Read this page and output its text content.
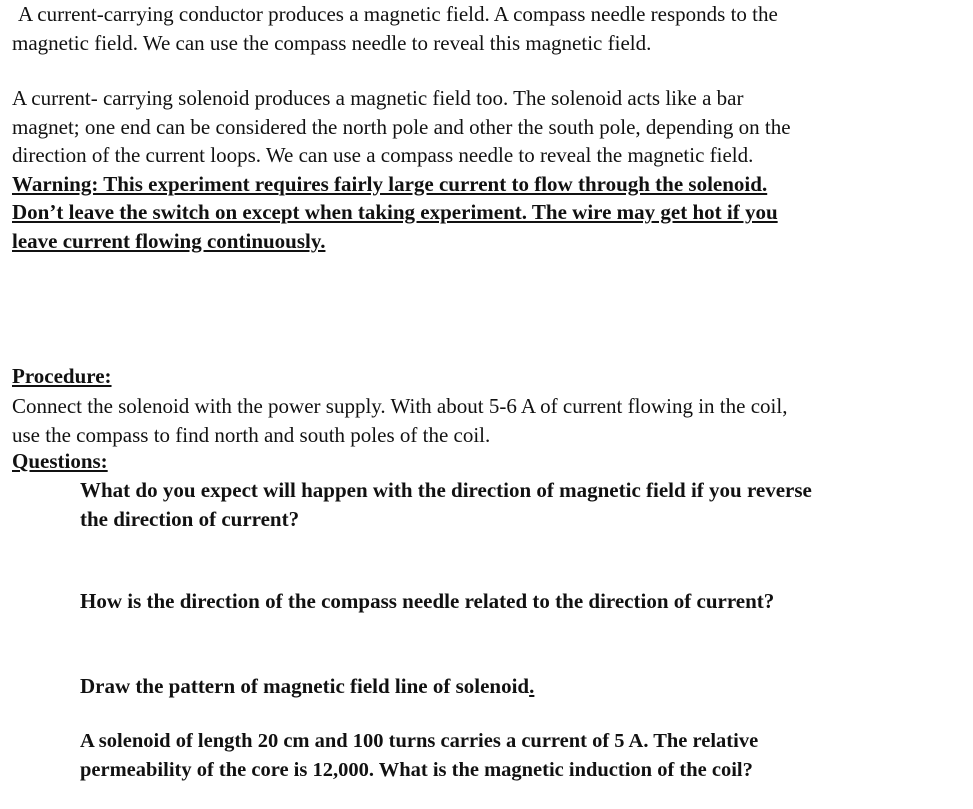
A current-carrying conductor produces a magnetic field. A compass needle responds to the
magnetic field. We can use the compass needle to reveal this magnetic field.
A current- carrying solenoid produces a magnetic field too. The solenoid acts like a bar
magnet; one end can be considered the north pole and other the south pole, depending on the
direction of the current loops. We can use a compass needle to reveal the magnetic field.
Warning: This experiment requires fairly large current to flow through the solenoid.
Don’t leave the switch on except when taking experiment. The wire may get hot if you
leave current flowing continuously.
Procedure:
Connect the solenoid with the power supply. With about 5-6 A of current flowing in the coil,
use the compass to find north and south poles of the coil.
Questions:
What do you expect will happen with the direction of magnetic field if you reverse
the direction of current?
How is the direction of the compass needle related to the direction of current?
Draw the pattern of magnetic field line of solenoid.
A solenoid of length 20 cm and 100 turns carries a current of 5 A. The relative
permeability of the core is 12,000. What is the magnetic induction of the coil?
